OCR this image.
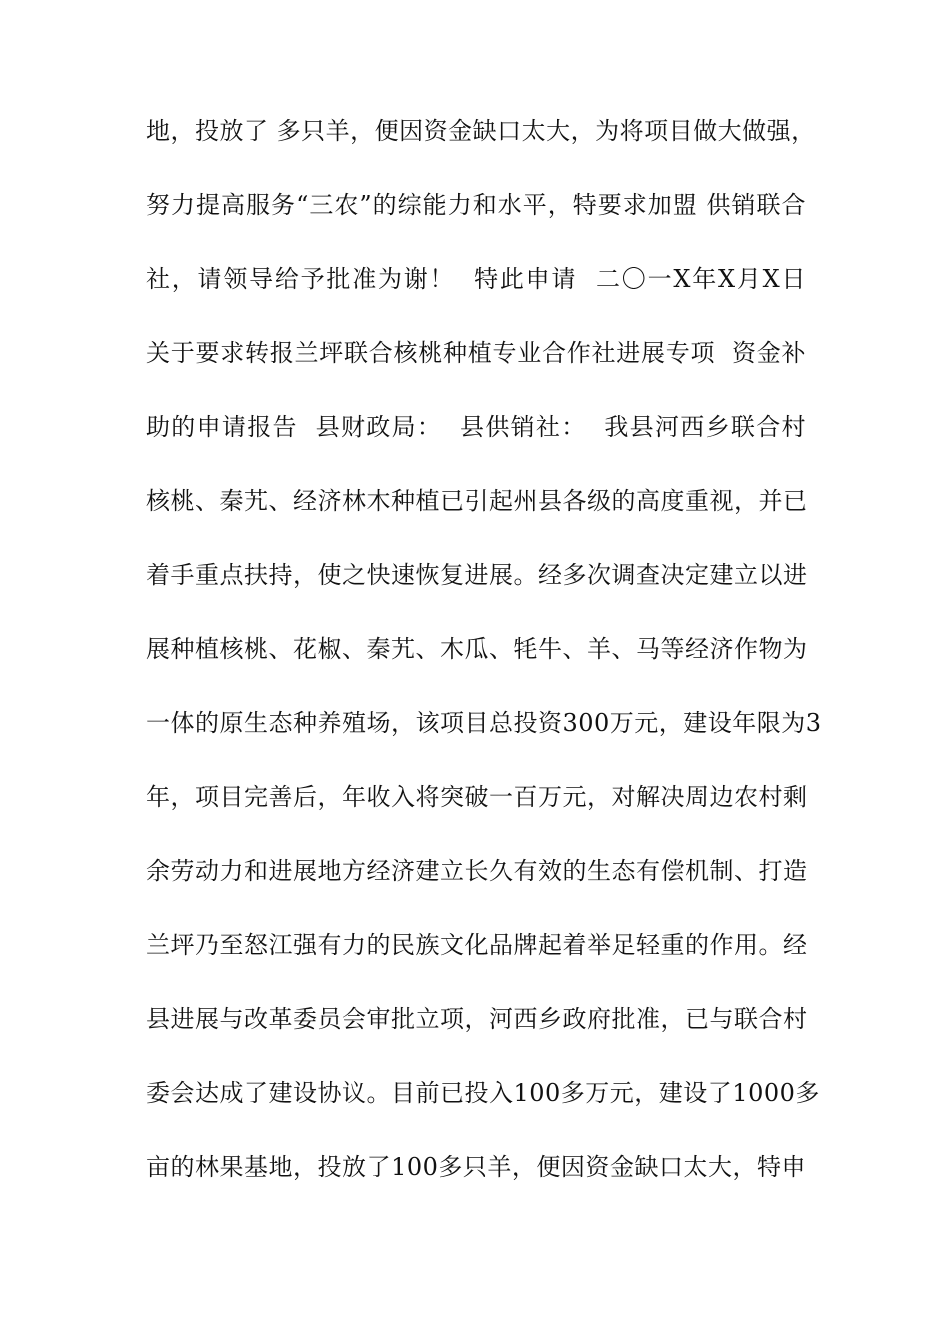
地，投放了 多只羊，便因资金缺口太大，为将项目做大做强，
努力提高服务“三农”的综能力和水平，特要求加盟 供销联合
社，请领导给予批准为谢！  特此申请  二〇一X年X月X日
关于要求转报兰坪联合核桃种植专业合作社进展专项  资金补
助的申请报告  县财政局：  县供销社：  我县河西乡联合村
核桃、秦艽、经济林木种植已引起州县各级的高度重视，并已
着手重点扶持，使之快速恢复进展。经多次调查决定建立以进
展种植核桃、花椒、秦艽、木瓜、牦牛、羊、马等经济作物为
一体的原生态种养殖场，该项目总投资300万元，建设年限为3
年，项目完善后，年收入将突破一百万元，对解决周边农村剩
余劳动力和进展地方经济建立长久有效的生态有偿机制、打造
兰坪乃至怒江强有力的民族文化品牌起着举足轻重的作用。经
县进展与改革委员会审批立项，河西乡政府批准，已与联合村
委会达成了建设协议。目前已投入100多万元，建设了1000多
亩的林果基地，投放了100多只羊，便因资金缺口太大，特申
